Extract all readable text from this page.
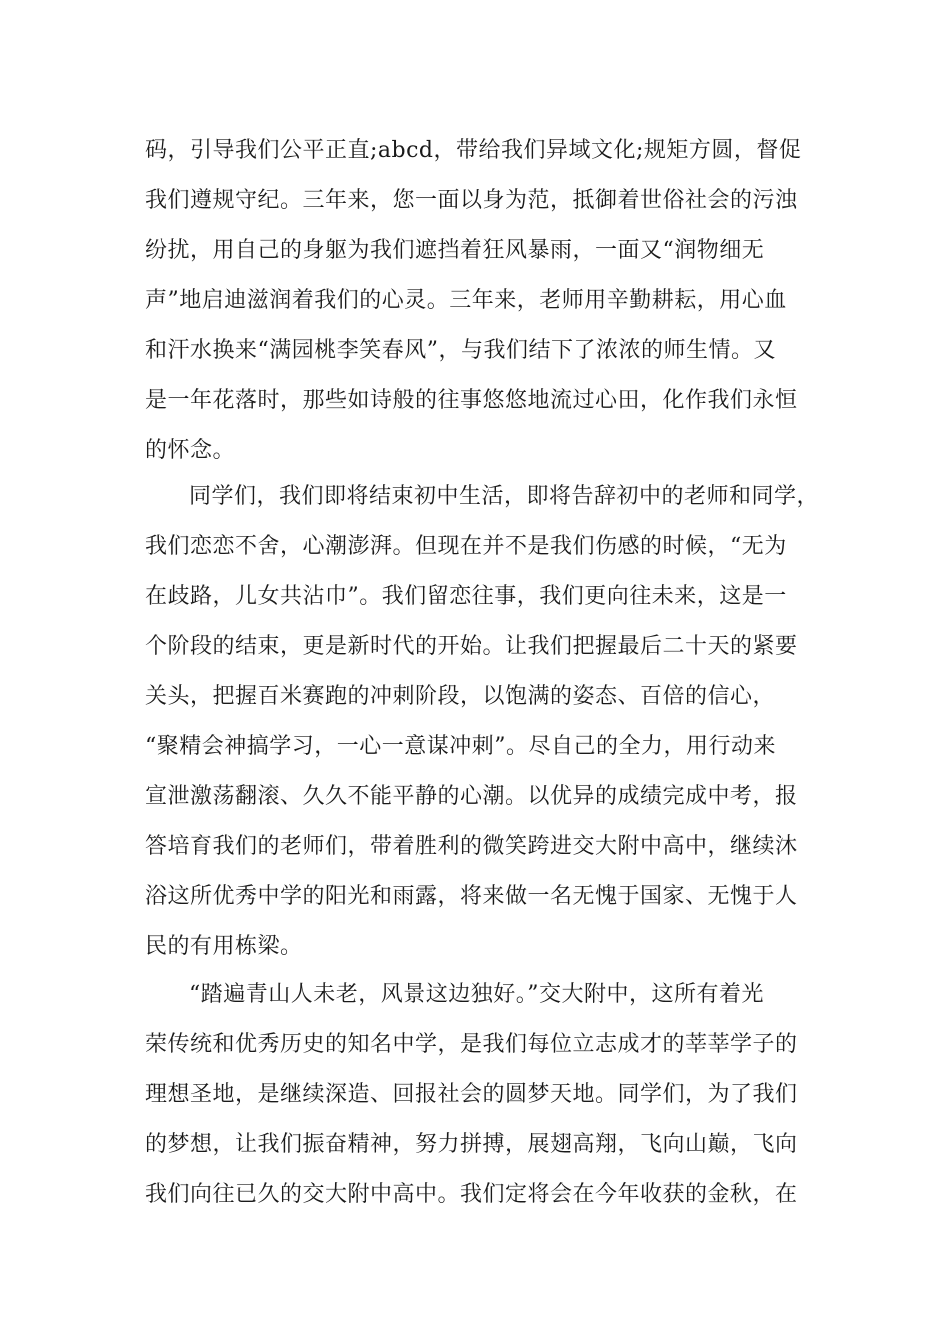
码，引导我们公平正直;abcd，带给我们异域文化;规矩方圆，督促
我们遵规守纪。三年来，您一面以身为范，抵御着世俗社会的污浊
纷扰，用自己的身躯为我们遮挡着狂风暴雨，一面又“润物细无
声”地启迪滋润着我们的心灵。三年来，老师用辛勤耕耘，用心血
和汗水换来“满园桃李笑春风”，与我们结下了浓浓的师生情。又
是一年花落时，那些如诗般的往事悠悠地流过心田，化作我们永恒
的怀念。
同学们，我们即将结束初中生活，即将告辞初中的老师和同学，
我们恋恋不舍，心潮澎湃。但现在并不是我们伤感的时候，“无为
在歧路，儿女共沾巾”。我们留恋往事，我们更向往未来，这是一
个阶段的结束，更是新时代的开始。让我们把握最后二十天的紧要
关头，把握百米赛跑的冲刺阶段，以饱满的姿态、百倍的信心，
“聚精会神搞学习，一心一意谋冲刺”。尽自己的全力，用行动来
宣泄激荡翻滚、久久不能平静的心潮。以优异的成绩完成中考，报
答培育我们的老师们，带着胜利的微笑跨进交大附中高中，继续沐
浴这所优秀中学的阳光和雨露，将来做一名无愧于国家、无愧于人
民的有用栋梁。
“踏遍青山人未老，风景这边独好。”交大附中，这所有着光
荣传统和优秀历史的知名中学，是我们每位立志成才的莘莘学子的
理想圣地，是继续深造、回报社会的圆梦天地。同学们，为了我们
的梦想，让我们振奋精神，努力拼搏，展翅高翔，飞向山巅，飞向
我们向往已久的交大附中高中。我们定将会在今年收获的金秋，在
